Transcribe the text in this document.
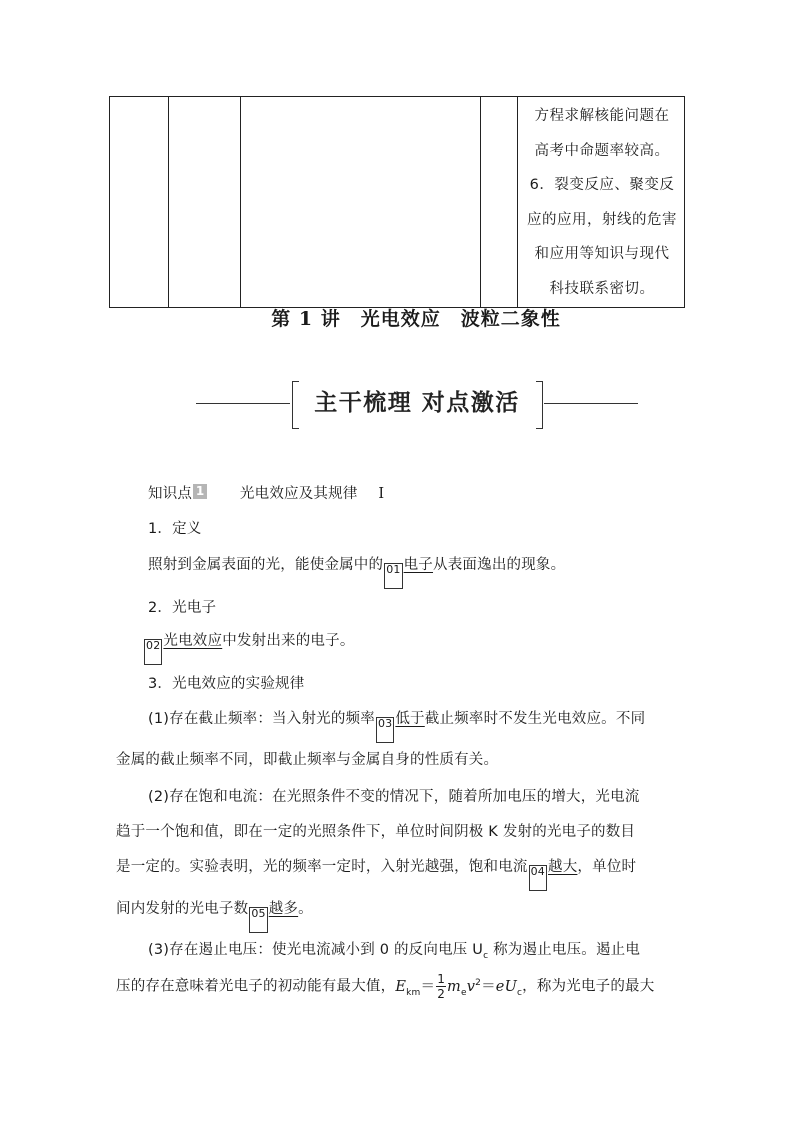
方程求解核能问题在
高考中命题率较高。
6．裂变反应、聚变反
应的应用，射线的危害
和应用等知识与现代
科技联系密切。
第 1 讲　光电效应　波粒二象性
主干梳理 对点激活
知识点 1 光电效应及其规律 Ⅰ
1．定义
照射到金属表面的光，能使金属中的 01 电子从表面逸出的现象。
2．光电子
02 光电效应中发射出来的电子。
3．光电效应的实验规律
(1)存在截止频率：当入射光的频率 03 低于截止频率时不发生光电效应。不同
金属的截止频率不同，即截止频率与金属自身的性质有关。
(2)存在饱和电流：在光照条件不变的情况下，随着所加电压的增大，光电流
趋于一个饱和值，即在一定的光照条件下，单位时间阴极 K 发射的光电子的数目
是一定的。实验表明，光的频率一定时，入射光越强，饱和电流 04 越大，单位时
间内发射的光电子数 05 越多。
(3)存在遏止电压：使光电流减小到 0 的反向电压 $U_c$ 称为遏止电压。遏止电
压的存在意味着光电子的初动能有最大值，$E_{km}= \frac{1}{2} m_ev^2=eU_c$，称为光电子的最大
